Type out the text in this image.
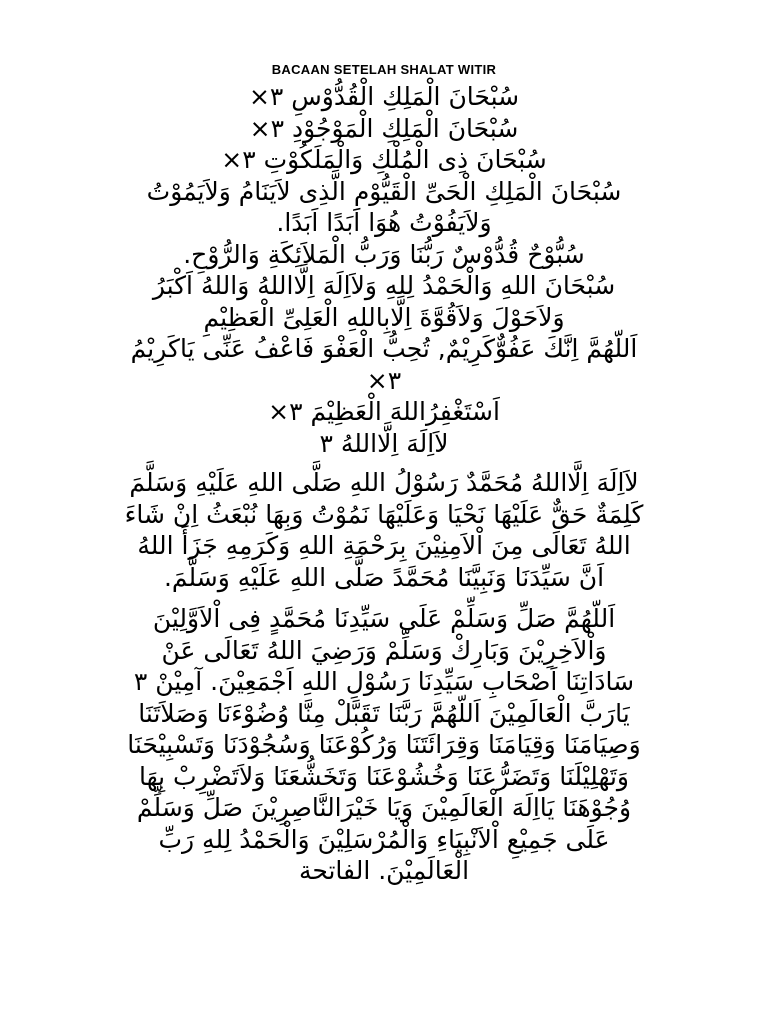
BACAAN SETELAH SHALAT WITIR
سُبْحَانَ الْمَلِكِ الْقُدُّوْسِ ٣×
سُبْحَانَ الْمَلِكِ الْمَوْجُوْدِ ٣×
سُبْحَانَ ذِى الْمُلْكِ وَالْمَلَكُوْتِ ٣×
سُبْحَانَ الْمَلِكِ الْحَىِّ الْقَيُّوْمِ الَّذِى لاَيَنَامُ وَلاَيَمُوْتُ
وَلاَيَفُوْتُ هُوَا اَبَدًا اَبَدًا.
سُبُّوْحٌ قُدُّوْسٌ رَبُّنَا وَرَبُّ الْمَلاَئِكَةِ وَالرُّوْحِ.
سُبْحَانَ اللهِ وَالْحَمْدُ لِلهِ وَلاَاِلَهَ اِلَّااللهُ وَاللهُ اَكْبَرُ
وَلاَحَوْلَ وَلاَقُوَّةَ اِلَّابِاللهِ الْعَلِىِّ الْعَظِيْمِ
اَللّهُمَّ اِنَّكَ عَفُوٌّكَرِيْمٌ, تُحِبُّ الْعَفْوَ فَاعْفُ عَنِّى يَاكَرِيْمُ
٣×
اَسْتَغْفِرُاللهَ الْعَظِيْمَ ٣×
لاَاِلَهَ اِلَّااللهُ ٣
لاَاِلَهَ اِلَّااللهُ مُحَمَّدٌ رَسُوْلُ اللهِ صَلَّى اللهِ عَلَيْهِ وَسَلَّمَ
كَلِمَةٌ حَقٌّ عَلَيْهَا نَحْيَا وَعَلَيْهَا نَمُوْتُ وَبِهَا نُبْعَثُ اِنْ شَاءَ
اللهُ تَعَالَى مِنَ اْلاَمِنِيْنَ بِرَحْمَةِ اللهِ وَكَرَمِهِ جَزَأَ اللهُ
اَنَّ سَيِّدَنَا وَنَبِيَّنَا مُحَمَّدً صَلَّى اللهِ عَلَيْهِ وَسَلَّمَ.
اَللّهُمَّ صَلِّ وَسَلِّمْ عَلَى سَيِّدِنَا مُحَمَّدٍ فِى اْلاَوَّلِيْنَ
وَاْلاَخِرِيْنَ وَبَارِكْ وَسَلِّمْ وَرَضِيَ اللهُ تَعَالَى عَنْ
سَادَاتِنَا اَصْحَابِ سَيِّدِنَا رَسُوْلِ اللهِ اَجْمَعِيْنَ. آمِيْنْ ٣
يَارَبَّ الْعَالَمِيْنَ اَللّهُمَّ رَبَّنَا تَقَبَّلْ مِنَّا وُضُوْءَنَا وَصَلاَتَنَا
وَصِيَامَنَا وَقِيَامَنَا وَقِرَائَتَنَا وَرُكُوْعَنَا وَسُجُوْدَنَا وَتَسْبِيْحَنَا
وَتَهْلِيْلَنَا وَتَضَرُّعَنَا وَخُشُوْعَنَا وَتَخَشُّعَنَا وَلاَتَضْرِبْ بِهَا
وُجُوْهَنَا يَااِلَهَ الْعَالَمِيْنَ وَيَا خَيْرَالنَّاصِرِيْنَ صَلِّ وَسَلِّمْ
عَلَى جَمِيْعِ اْلاَنْبِيَاءِ وَالْمُرْسَلِيْنَ وَالْحَمْدُ لِلهِ رَبِّ
الْعَالَمِيْنَ. الفاتحة
